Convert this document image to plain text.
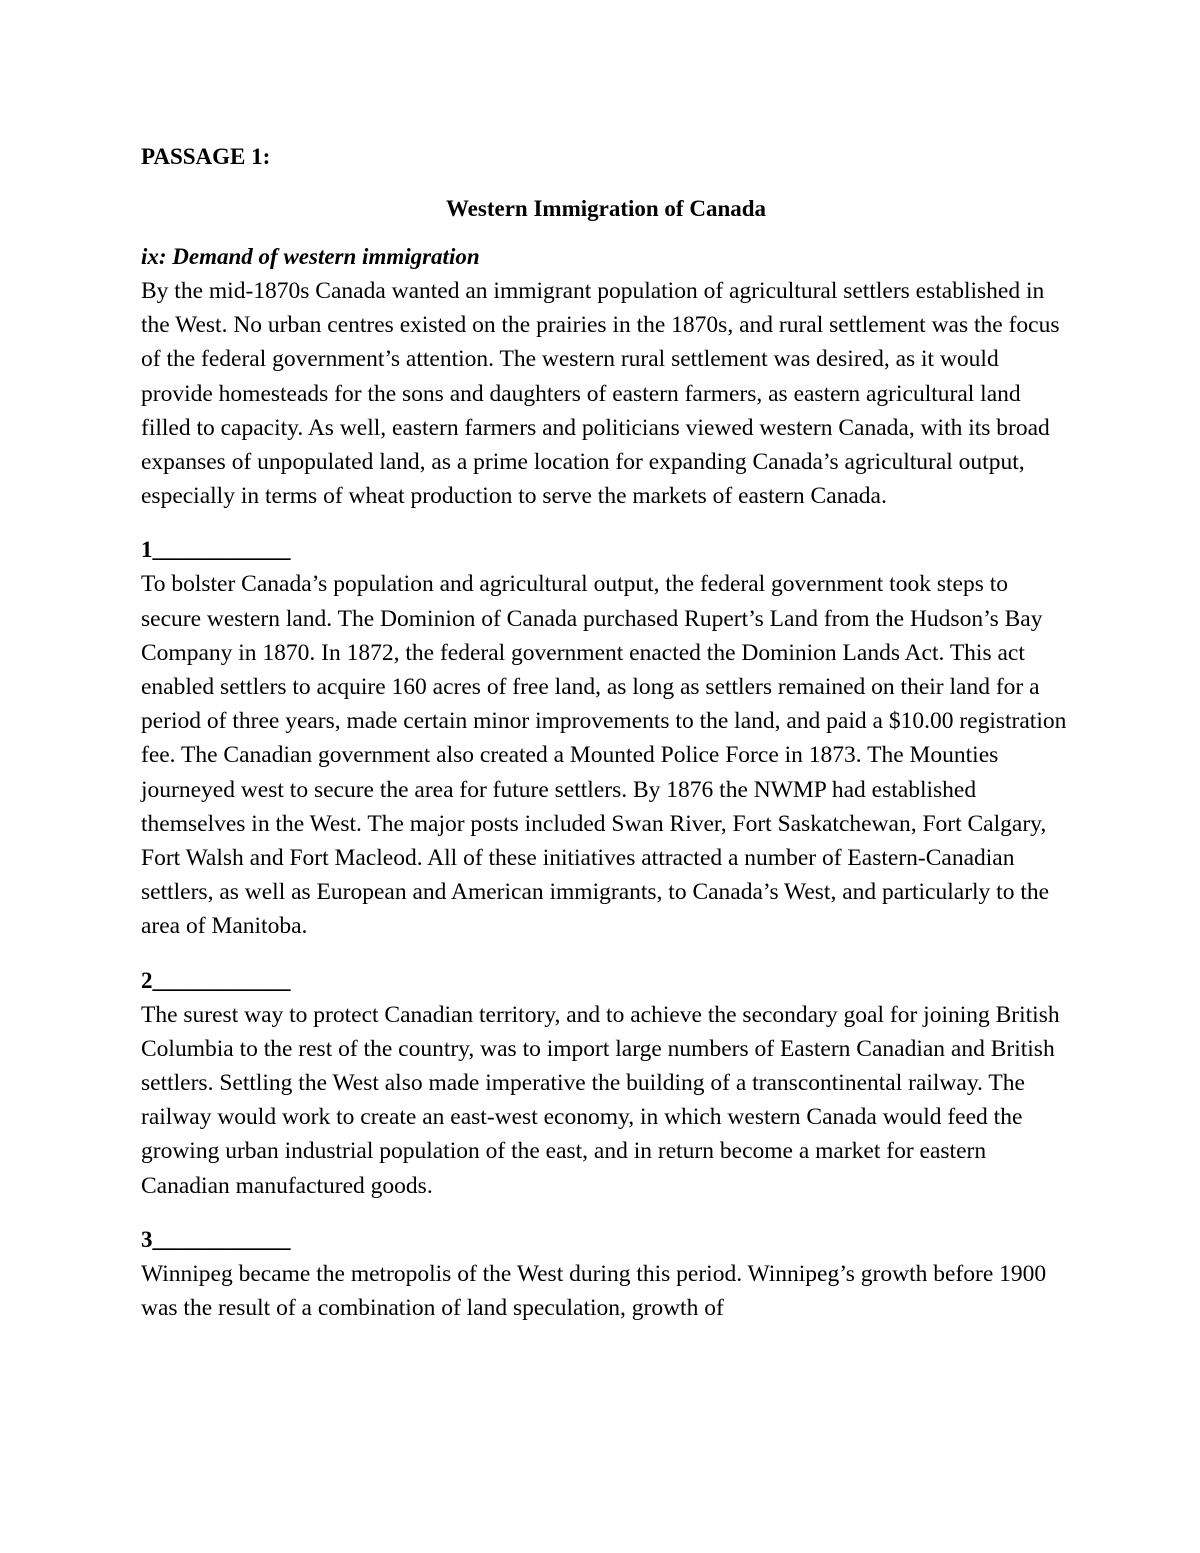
PASSAGE 1:

Western Immigration of Canada

ix: Demand of western immigration

By the mid-1870s Canada wanted an immigrant population of agricultural settlers established in the West. No urban centres existed on the prairies in the 1870s, and rural settlement was the focus of the federal government’s attention. The western rural settlement was desired, as it would provide homesteads for the sons and daughters of eastern farmers, as eastern agricultural land filled to capacity. As well, eastern farmers and politicians viewed western Canada, with its broad expanses of unpopulated land, as a prime location for expanding Canada’s agricultural output, especially in terms of wheat production to serve the markets of eastern Canada.

1____________

To bolster Canada’s population and agricultural output, the federal government took steps to secure western land. The Dominion of Canada purchased Rupert’s Land from the Hudson’s Bay Company in 1870. In 1872, the federal government enacted the Dominion Lands Act. This act enabled settlers to acquire 160 acres of free land, as long as settlers remained on their land for a period of three years, made certain minor improvements to the land, and paid a $10.00 registration fee. The Canadian government also created a Mounted Police Force in 1873. The Mounties journeyed west to secure the area for future settlers. By 1876 the NWMP had established themselves in the West. The major posts included Swan River, Fort Saskatchewan, Fort Calgary, Fort Walsh and Fort Macleod. All of these initiatives attracted a number of Eastern-Canadian settlers, as well as European and American immigrants, to Canada’s West, and particularly to the area of Manitoba.

2____________

The surest way to protect Canadian territory, and to achieve the secondary goal for joining British Columbia to the rest of the country, was to import large numbers of Eastern Canadian and British settlers. Settling the West also made imperative the building of a transcontinental railway. The railway would work to create an east-west economy, in which western Canada would feed the growing urban industrial population of the east, and in return become a market for eastern Canadian manufactured goods.

3____________

Winnipeg became the metropolis of the West during this period. Winnipeg’s growth before 1900 was the result of a combination of land speculation, growth of
